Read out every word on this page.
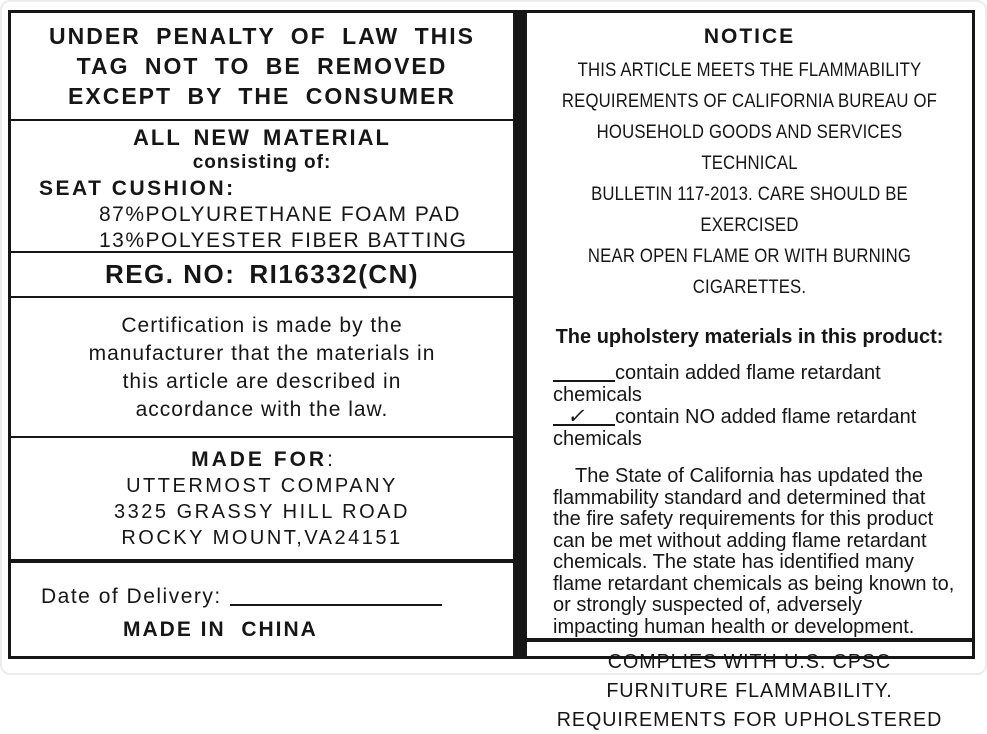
UNDER PENALTY OF LAW THIS
TAG NOT TO BE REMOVED
EXCEPT BY THE CONSUMER
ALL NEW MATERIAL
consisting of:
SEAT CUSHION:
87%POLYURETHANE FOAM PAD
13%POLYESTER FIBER BATTING
REG. NO: RI16332(CN)
Certification is made by the
manufacturer that the materials in
this article are described in
accordance with the law.
MADE FOR:
UTTERMOST COMPANY
3325 GRASSY HILL ROAD
ROCKY MOUNT,VA24151
Date of Delivery:
MADE IN  CHINA
NOTICE
THIS ARTICLE MEETS THE FLAMMABILITY
REQUIREMENTS OF CALIFORNIA BUREAU OF
HOUSEHOLD GOODS AND SERVICES TECHNICAL
BULLETIN 117-2013. CARE SHOULD BE EXERCISED
NEAR OPEN FLAME OR WITH BURNING CIGARETTES.
The upholstery materials in this product:
contain added flame retardant
chemicals
✓ contain NO added flame retardant
chemicals
The State of California has updated the
flammability standard and determined that
the fire safety requirements for this product
can be met without adding flame retardant
chemicals. The state has identified many
flame retardant chemicals as being known to,
or strongly suspected of, adversely
impacting human health or development.
COMPLIES WITH U.S. CPSC
FURNITURE FLAMMABILITY.
REQUIREMENTS FOR UPHOLSTERED
